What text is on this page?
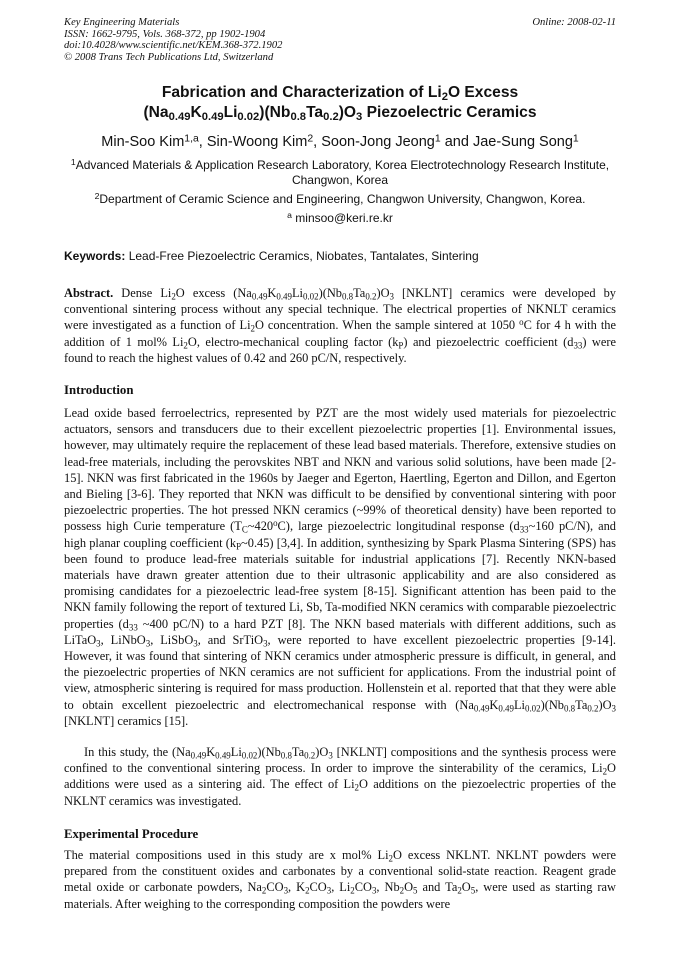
Key Engineering Materials
ISSN: 1662-9795, Vols. 368-372, pp 1902-1904
doi:10.4028/www.scientific.net/KEM.368-372.1902
© 2008 Trans Tech Publications Ltd, Switzerland
Online: 2008-02-11
Fabrication and Characterization of $Li_2O$ Excess
$(Na_{0.49}K_{0.49}Li_{0.02})(Nb_{0.8}Ta_{0.2})O_3$ Piezoelectric Ceramics
Min-Soo Kim$^{1,a}$, Sin-Woong Kim$^2$, Soon-Jong Jeong$^1$ and Jae-Sung Song$^1$
$^1$Advanced Materials & Application Research Laboratory, Korea Electrotechnology Research Institute, Changwon, Korea
$^2$Department of Ceramic Science and Engineering, Changwon University, Changwon, Korea.
$^a$ minsoo@keri.re.kr
Keywords: Lead-Free Piezoelectric Ceramics, Niobates, Tantalates, Sintering
Abstract. Dense $Li_2O$ excess $(Na_{0.49}K_{0.49}Li_{0.02})(Nb_{0.8}Ta_{0.2})O_3$ [NKLNT] ceramics were developed by conventional sintering process without any special technique. The electrical properties of NKNLT ceramics were investigated as a function of $Li_2O$ concentration. When the sample sintered at 1050 $^o$C for 4 h with the addition of 1 mol% $Li_2O$, electro-mechanical coupling factor $(k_P)$ and piezoelectric coefficient $(d_{33})$ were found to reach the highest values of 0.42 and 260 pC/N, respectively.
Introduction
Lead oxide based ferroelectrics, represented by PZT are the most widely used materials for piezoelectric actuators, sensors and transducers due to their excellent piezoelectric properties [1]. Environmental issues, however, may ultimately require the replacement of these lead based materials. Therefore, extensive studies on lead-free materials, including the perovskites NBT and NKN and various solid solutions, have been made [2-15]. NKN was first fabricated in the 1960s by Jaeger and Egerton, Haertling, Egerton and Dillon, and Egerton and Bieling [3-6]. They reported that NKN was difficult to be densified by conventional sintering with poor piezoelectric properties. The hot pressed NKN ceramics (~99% of theoretical density) have been reported to possess high Curie temperature $(T_C\sim 420^oC)$, large piezoelectric longitudinal response ($d_{33}\sim 160$ pC/N), and high planar coupling coefficient $(k_P\sim 0.45)$ [3,4]. In addition, synthesizing by Spark Plasma Sintering (SPS) has been found to produce lead-free materials suitable for industrial applications [7]. Recently NKN-based materials have drawn greater attention due to their ultrasonic applicability and are also considered as promising candidates for a piezoelectric lead-free system [8-15]. Significant attention has been paid to the NKN family following the report of textured Li, Sb, Ta-modified NKN ceramics with comparable piezoelectric properties ($d_{33}$ ~400 pC/N) to a hard PZT [8]. The NKN based materials with different additions, such as LiTaO$_3$, LiNbO$_3$, LiSbO$_3$, and SrTiO$_3$, were reported to have excellent piezoelectric properties [9-14]. However, it was found that sintering of NKN ceramics under atmospheric pressure is difficult, in general, and the piezoelectric properties of NKN ceramics are not sufficient for applications. From the industrial point of view, atmospheric sintering is required for mass production. Hollenstein et al. reported that that they were able to obtain excellent piezoelectric and electromechanical response with $(Na_{0.49}K_{0.49}Li_{0.02})(Nb_{0.8}Ta_{0.2})O_3$ [NKLNT] ceramics [15].
In this study, the $(Na_{0.49}K_{0.49}Li_{0.02})(Nb_{0.8}Ta_{0.2})O_3$ [NKLNT] compositions and the synthesis process were confined to the conventional sintering process. In order to improve the sinterability of the ceramics, $Li_2O$ additions were used as a sintering aid. The effect of $Li_2O$ additions on the piezoelectric properties of the NKLNT ceramics was investigated.
Experimental Procedure
The material compositions used in this study are x mol% $Li_2O$ excess NKLNT. NKLNT powders were prepared from the constituent oxides and carbonates by a conventional solid-state reaction. Reagent grade metal oxide or carbonate powders, $Na_2CO_3$, $K_2CO_3$, $Li_2CO_3$, $Nb_2O_5$ and $Ta_2O_5$, were used as starting raw materials. After weighing to the corresponding composition the powders were
